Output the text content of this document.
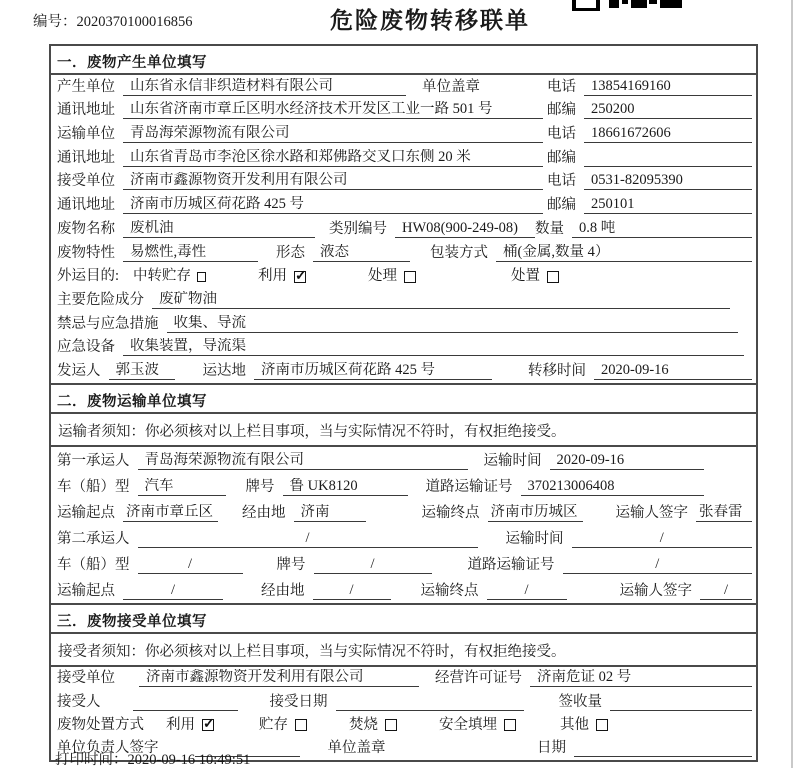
编号：2020370100016856	危险废物转移联单
一．废物产生单位填写
产生单位	山东省永信非织造材料有限公司	单位盖章	电话	13854169160
通讯地址	山东省济南市章丘区明水经济技术开发区工业一路 501 号	邮编	250200
运输单位	青岛海荣源物流有限公司	电话	18661672606
通讯地址	山东省青岛市李沧区徐水路和郑佛路交叉口东侧 20 米	邮编
接受单位	济南市鑫源物资开发利用有限公司	电话	0531-82095390
通讯地址	济南市历城区荷花路 425 号	邮编	250101
废物名称	废机油	类别编号	HW08(900-249-08)	数量	0.8 吨
废物特性	易燃性,毒性	形态	液态	包装方式	桶(金属,数量 4）
外运目的: 中转贮存	利用 ✓	处理	处置
主要危险成分	废矿物油
禁忌与应急措施	收集、导流
应急设备	收集装置，导流渠
发运人	郭玉波	运达地	济南市历城区荷花路 425 号	转移时间	2020-09-16
二．废物运输单位填写
运输者须知：你必须核对以上栏目事项，当与实际情况不符时，有权拒绝接受。
第一承运人	青岛海荣源物流有限公司	运输时间	2020-09-16
车（船）型	汽车	牌号	鲁 UK8120	道路运输证号	370213006408
运输起点 济南市章丘区	经由地	济南	运输终点 济南市历城区	运输人签字 张春雷
第二承运人	/	运输时间	/
车（船）型	/	牌号	/	道路运输证号	/
运输起点	/	经由地	/	运输终点	/	运输人签字	/
三．废物接受单位填写
接受者须知：你必须核对以上栏目事项，当与实际情况不符时，有权拒绝接受。
接受单位	济南市鑫源物资开发利用有限公司	经营许可证号	济南危证 02 号
接受人	接受日期	签收量
废物处置方式 利用 ✓	贮存	焚烧	安全填埋	其他
单位负责人签字	单位盖章	日期
打印时间：2020-09-16 10:49:51
